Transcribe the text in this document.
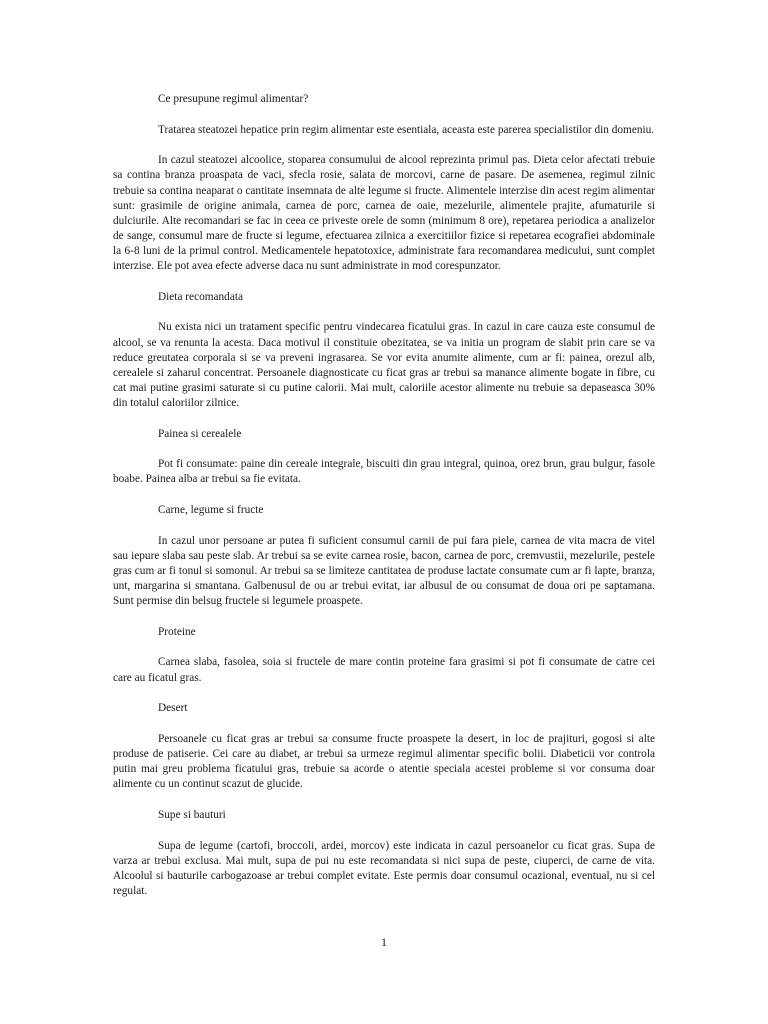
Ce presupune regimul alimentar?

Tratarea steatozei hepatice prin regim alimentar este esentiala, aceasta este parerea specialistilor din domeniu.

In cazul steatozei alcoolice, stoparea consumului de alcool reprezinta primul pas. Dieta celor afectati trebuie sa contina branza proaspata de vaci, sfecla rosie, salata de morcovi, carne de pasare. De asemenea, regimul zilnic trebuie sa contina neaparat o cantitate insemnata de alte legume si fructe. Alimentele interzise din acest regim alimentar sunt: grasimile de origine animala, carnea de porc, carnea de oaie, mezelurile, alimentele prajite, afumaturile si dulciurile. Alte recomandari se fac in ceea ce priveste orele de somn (minimum 8 ore), repetarea periodica a analizelor de sange, consumul mare de fructe si legume, efectuarea zilnica a exercitiilor fizice si repetarea ecografiei abdominale la 6-8 luni de la primul control. Medicamentele hepatotoxice, administrate fara recomandarea medicului, sunt complet interzise. Ele pot avea efecte adverse daca nu sunt administrate in mod corespunzator.

Dieta recomandata

Nu exista nici un tratament specific pentru vindecarea ficatului gras. In cazul in care cauza este consumul de alcool, se va renunta la acesta. Daca motivul il constituie obezitatea, se va initia un program de slabit prin care se va reduce greutatea corporala si se va preveni ingrasarea. Se vor evita anumite alimente, cum ar fi: painea, orezul alb, cerealele si zaharul concentrat. Persoanele diagnosticate cu ficat gras ar trebui sa manance alimente bogate in fibre, cu cat mai putine grasimi saturate si cu putine calorii. Mai mult, caloriile acestor alimente nu trebuie sa depaseasca 30% din totalul caloriilor zilnice.

Painea si cerealele

Pot fi consumate: paine din cereale integrale, biscuiti din grau integral, quinoa, orez brun, grau bulgur, fasole boabe. Painea alba ar trebui sa fie evitata.

Carne, legume si fructe

In cazul unor persoane ar putea fi suficient consumul carnii de pui fara piele, carnea de vita macra de vitel sau iepure slaba sau peste slab. Ar trebui sa se evite carnea rosie, bacon, carnea de porc, cremvustii, mezelurile, pestele gras cum ar fi tonul si somonul. Ar trebui sa se limiteze cantitatea de produse lactate consumate cum ar fi lapte, branza, unt, margarina si smantana. Galbenusul de ou ar trebui evitat, iar albusul de ou consumat de doua ori pe saptamana. Sunt permise din belsug fructele si legumele proaspete.

Proteine

Carnea slaba, fasolea, soia si fructele de mare contin proteine fara grasimi si pot fi consumate de catre cei care au ficatul gras.

Desert

Persoanele cu ficat gras ar trebui sa consume fructe proaspete la desert, in loc de prajituri, gogosi si alte produse de patiserie. Cei care au diabet, ar trebui sa urmeze regimul alimentar specific bolii. Diabeticii vor controla putin mai greu problema ficatului gras, trebuie sa acorde o atentie speciala acestei probleme si vor consuma doar alimente cu un continut scazut de glucide.

Supe si bauturi

Supa de legume (cartofi, broccoli, ardei, morcov) este indicata in cazul persoanelor cu ficat gras. Supa de varza ar trebui exclusa. Mai mult, supa de pui nu este recomandata si nici supa de peste, ciuperci, de carne de vita. Alcoolul si bauturile carbogazoase ar trebui complet evitate. Este permis doar consumul ocazional, eventual, nu si cel regulat.

1
